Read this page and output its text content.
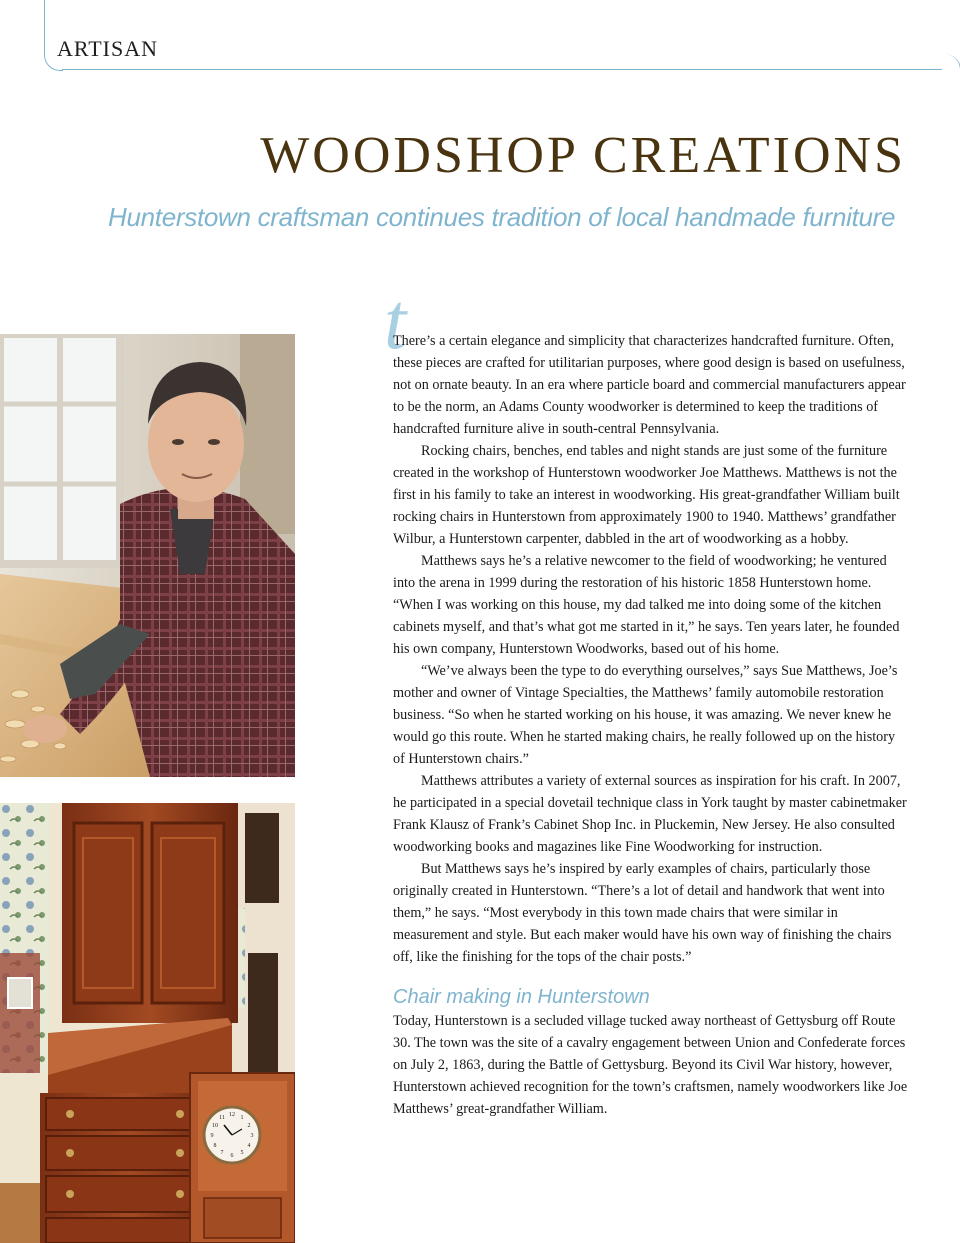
ARTISAN
WOODSHOP CREATIONS
Hunterstown craftsman continues tradition of local handmade furniture
12 1
2
3
4
5
6
7
8
9
10
11
t

There’s a certain elegance and simplicity that characterizes handcrafted furniture. Often, these pieces are crafted for utilitarian purposes, where good design is based on usefulness, not on ornate beauty. In an era where particle board and commercial manufacturers appear to be the norm, an Adams County woodworker is determined to keep the traditions of handcrafted furniture alive in south-central Pennsylvania.

Rocking chairs, benches, end tables and night stands are just some of the furniture created in the workshop of Hunterstown woodworker Joe Matthews. Matthews is not the first in his family to take an interest in woodworking. His great-grandfather William built rocking chairs in Hunterstown from approximately 1900 to 1940. Matthews’ grandfather Wilbur, a Hunterstown carpenter, dabbled in the art of woodworking as a hobby.

Matthews says he’s a relative newcomer to the field of woodworking; he ventured into the arena in 1999 during the restoration of his historic 1858 Hunterstown home. “When I was working on this house, my dad talked me into doing some of the kitchen cabinets myself, and that’s what got me started in it,” he says. Ten years later, he founded his own company, Hunterstown Woodworks, based out of his home.

“We’ve always been the type to do everything ourselves,” says Sue Matthews, Joe’s mother and owner of Vintage Specialties, the Matthews’ family automobile restoration business. “So when he started working on his house, it was amazing. We never knew he would go this route. When he started making chairs, he really followed up on the history of Hunterstown chairs.”

Matthews attributes a variety of external sources as inspiration for his craft. In 2007, he participated in a special dovetail technique class in York taught by master cabinetmaker Frank Klausz of Frank’s Cabinet Shop Inc. in Pluckemin, New Jersey. He also consulted woodworking books and magazines like Fine Woodworking for instruction.

But Matthews says he’s inspired by early examples of chairs, particularly those originally created in Hunterstown. “There’s a lot of detail and handwork that went into them,” he says. “Most everybody in this town made chairs that were similar in measurement and style. But each maker would have his own way of finishing the chairs off, like the finishing for the tops of the chair posts.”

Chair making in Hunterstown

Today, Hunterstown is a secluded village tucked away northeast of Gettysburg off Route 30. The town was the site of a cavalry engagement between Union and Confederate forces on July 2, 1863, during the Battle of Gettysburg. Beyond its Civil War history, however, Hunterstown achieved recognition for the town’s craftsmen, namely woodworkers like Joe Matthews’ great-grandfather William.
